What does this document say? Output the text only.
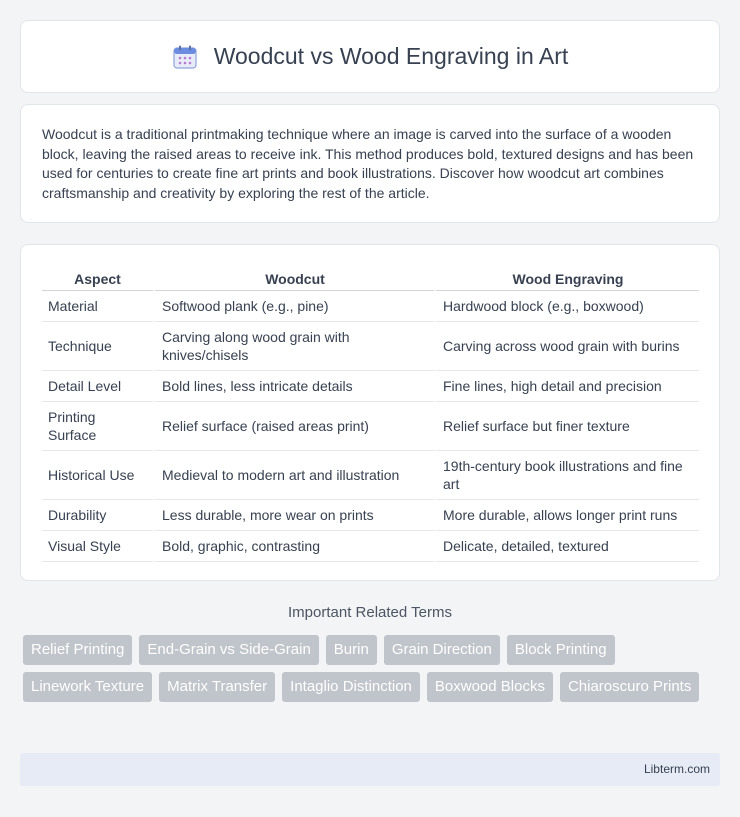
Woodcut vs Wood Engraving in Art

Woodcut is a traditional printmaking technique where an image is carved into the surface of a wooden block, leaving the raised areas to receive ink. This method produces bold, textured designs and has been used for centuries to create fine art prints and book illustrations. Discover how woodcut art combines craftsmanship and creativity by exploring the rest of the article.

Aspect	Woodcut	Wood Engraving
Material	Softwood plank (e.g., pine)	Hardwood block (e.g., boxwood)
Technique	Carving along wood grain with knives/chisels	Carving across wood grain with burins
Detail Level	Bold lines, less intricate details	Fine lines, high detail and precision
Printing Surface	Relief surface (raised areas print)	Relief surface but finer texture
Historical Use	Medieval to modern art and illustration	19th-century book illustrations and fine art
Durability	Less durable, more wear on prints	More durable, allows longer print runs
Visual Style	Bold, graphic, contrasting	Delicate, detailed, textured
Important Related Terms
Relief Printing	End-Grain vs Side-Grain	Burin	Grain Direction	Block Printing
Linework Texture	Matrix Transfer	Intaglio Distinction	Boxwood Blocks	Chiaroscuro Prints
Libterm.com
